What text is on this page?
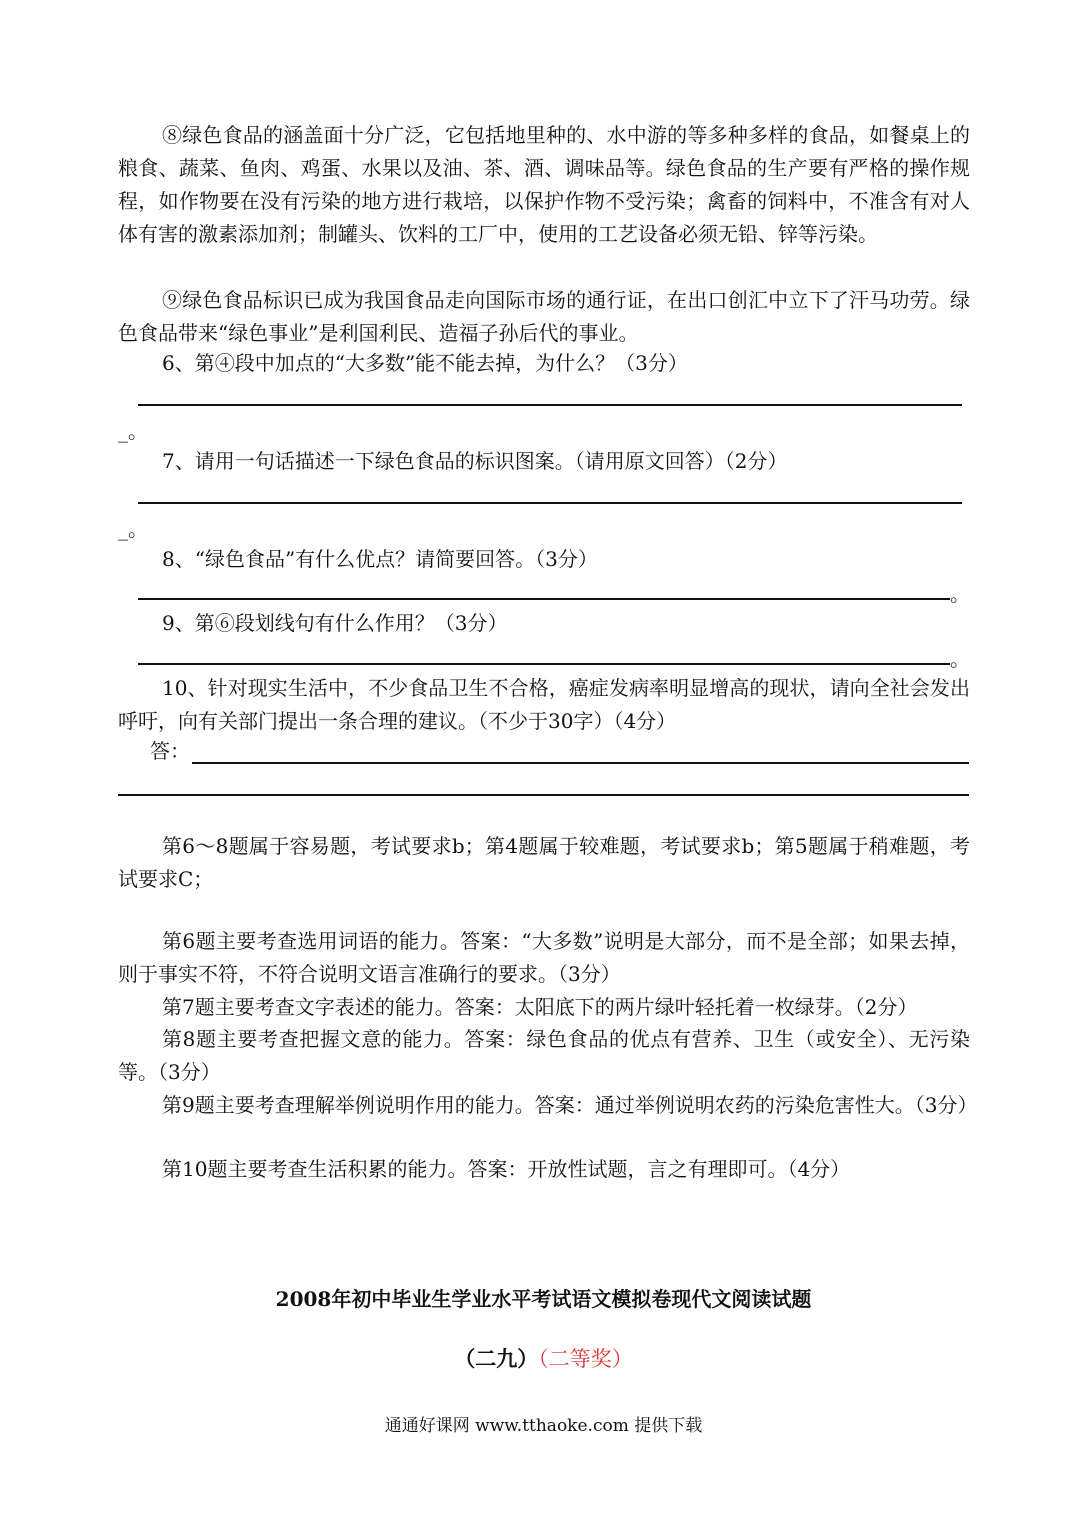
⑧绿色食品的涵盖面十分广泛，它包括地里种的、水中游的等多种多样的食品，如餐桌上的粮食、蔬菜、鱼肉、鸡蛋、水果以及油、茶、酒、调味品等。绿色食品的生产要有严格的操作规程，如作物要在没有污染的地方进行栽培，以保护作物不受污染；禽畜的饲料中，不准含有对人体有害的激素添加剂；制罐头、饮料的工厂中，使用的工艺设备必须无铅、锌等污染。

⑨绿色食品标识已成为我国食品走向国际市场的通行证，在出口创汇中立下了汗马功劳。绿色食品带来“绿色事业”是利国利民、造福子孙后代的事业。

6、第④段中加点的“大多数”能不能去掉，为什么？（3分）

_。

7、请用一句话描述一下绿色食品的标识图案。（请用原文回答）（2分）

_。

8、“绿色食品”有什么优点？请简要回答。（3分）

。

9、第⑥段划线句有什么作用？（3分）

。

10、针对现实生活中，不少食品卫生不合格，癌症发病率明显增高的现状，请向全社会发出呼吁，向有关部门提出一条合理的建议。（不少于30字）（4分）

答：

第6～8题属于容易题，考试要求b；第4题属于较难题，考试要求b；第5题属于稍难题，考试要求C；

第6题主要考查选用词语的能力。答案：“大多数”说明是大部分，而不是全部；如果去掉，则于事实不符，不符合说明文语言准确行的要求。（3分）

第7题主要考查文字表述的能力。答案：太阳底下的两片绿叶轻托着一枚绿芽。（2分）

第8题主要考查把握文意的能力。答案：绿色食品的优点有营养、卫生（或安全）、无污染等。（3分）

第9题主要考查理解举例说明作用的能力。答案：通过举例说明农药的污染危害性大。（3分）

第10题主要考查生活积累的能力。答案：开放性试题，言之有理即可。（4分）

2008年初中毕业生学业水平考试语文模拟卷现代文阅读试题
（二九）（二等奖）
通通好课网 www.tthaoke.com 提供下载
